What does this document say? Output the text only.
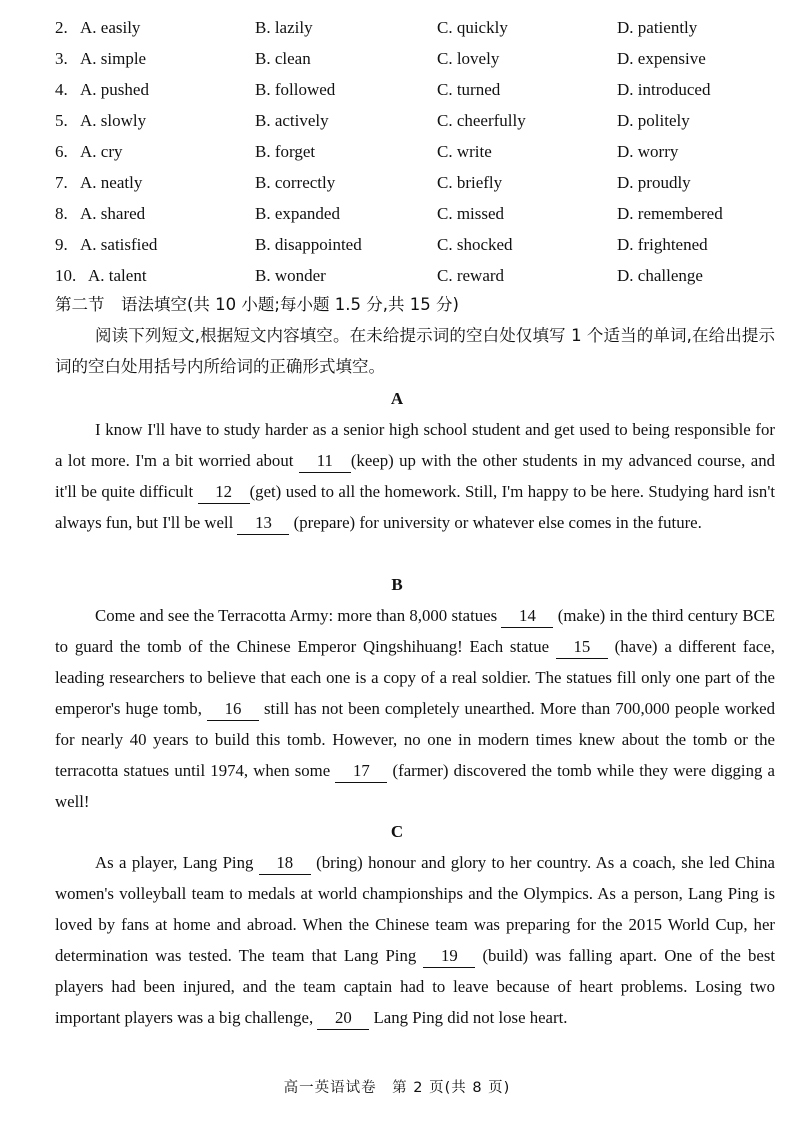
2. A. easily	B. lazily	C. quickly	D. patiently
3. A. simple	B. clean	C. lovely	D. expensive
4. A. pushed	B. followed	C. turned	D. introduced
5. A. slowly	B. actively	C. cheerfully	D. politely
6. A. cry	B. forget	C. write	D. worry
7. A. neatly	B. correctly	C. briefly	D. proudly
8. A. shared	B. expanded	C. missed	D. remembered
9. A. satisfied	B. disappointed	C. shocked	D. frightened
10. A. talent	B. wonder	C. reward	D. challenge
第二节　语法填空(共 10 小题;每小题 1.5 分,共 15 分)
阅读下列短文,根据短文内容填空。在未给提示词的空白处仅填写 1 个适当的单词,在给出提示词的空白处用括号内所给词的正确形式填空。
A
I know I'll have to study harder as a senior high school student and get used to being responsible for a lot more. I'm a bit worried about 11 (keep) up with the other students in my advanced course, and it'll be quite difficult 12 (get) used to all the homework. Still, I'm happy to be here. Studying hard isn't always fun, but I'll be well 13 (prepare) for university or whatever else comes in the future.
B
Come and see the Terracotta Army: more than 8,000 statues 14 (make) in the third century BCE to guard the tomb of the Chinese Emperor Qingshihuang! Each statue 15 (have) a different face, leading researchers to believe that each one is a copy of a real soldier. The statues fill only one part of the emperor's huge tomb, 16 still has not been completely unearthed. More than 700,000 people worked for nearly 40 years to build this tomb. However, no one in modern times knew about the tomb or the terracotta statues until 1974, when some 17 (farmer) discovered the tomb while they were digging a well!
C
As a player, Lang Ping 18 (bring) honour and glory to her country. As a coach, she led China women's volleyball team to medals at world championships and the Olympics. As a person, Lang Ping is loved by fans at home and abroad. When the Chinese team was preparing for the 2015 World Cup, her determination was tested. The team that Lang Ping 19 (build) was falling apart. One of the best players had been injured, and the team captain had to leave because of heart problems. Losing two important players was a big challenge, 20 Lang Ping did not lose heart.
高一英语试卷　第 2 页(共 8 页)
